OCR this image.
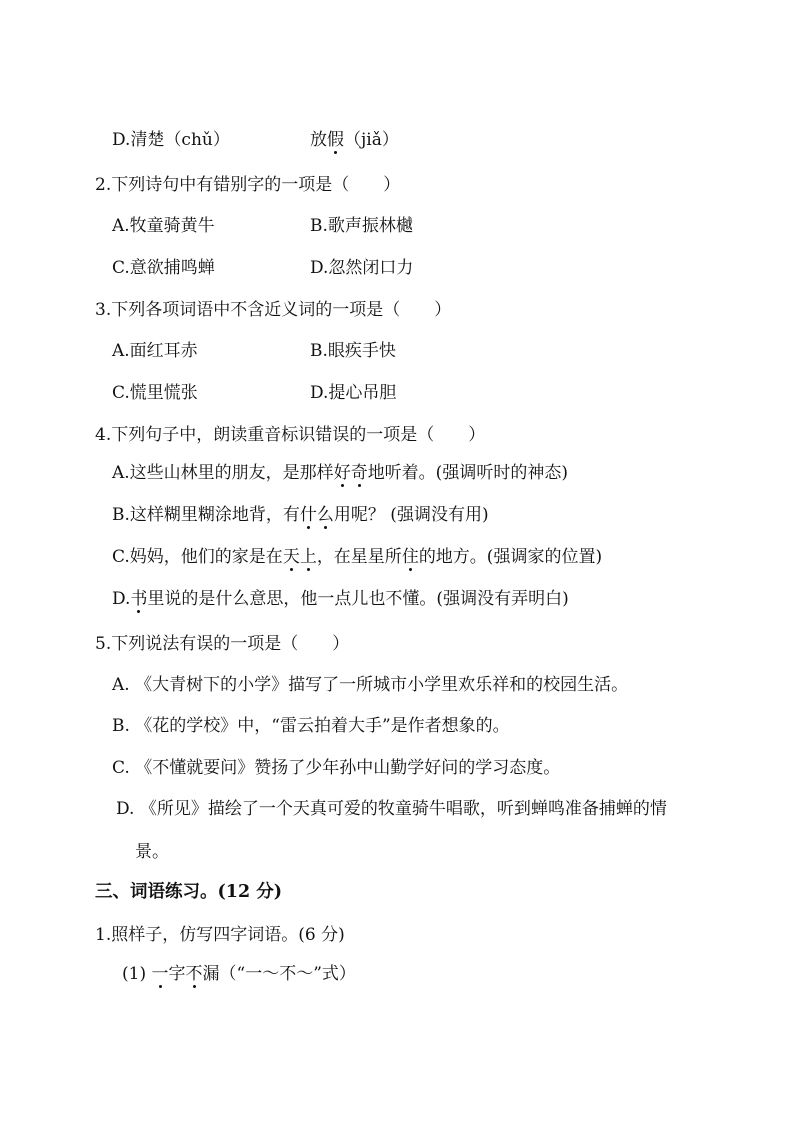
D.清楚（chǔ）	放假（jiǎ）
2.下列诗句中有错别字的一项是（　　）
A.牧童骑黄牛	B.歌声振林樾
C.意欲捕鸣蝉	D.忽然闭口力
3.下列各项词语中不含近义词的一项是（　　）
A.面红耳赤	B.眼疾手快
C.慌里慌张	D.提心吊胆
4.下列句子中，朗读重音标识错误的一项是（　　）
A.这些山林里的朋友，是那样好奇地听着。(强调听时的神态)
B.这样糊里糊涂地背，有什么用呢？ (强调没有用)
C.妈妈，他们的家是在天上，在星星所住的地方。(强调家的位置)
D.书里说的是什么意思，他一点儿也不懂。(强调没有弄明白)
5.下列说法有误的一项是（　　）
A. 《大青树下的小学》描写了一所城市小学里欢乐祥和的校园生活。
B. 《花的学校》中，“雷云拍着大手”是作者想象的。
C. 《不懂就要问》赞扬了少年孙中山勤学好问的学习态度。
D. 《所见》描绘了一个天真可爱的牧童骑牛唱歌，听到蝉鸣准备捕蝉的情
景。
三、词语练习。(12 分)
1.照样子，仿写四字词语。(6 分)
(1) 一字不漏（“一～不～”式）
